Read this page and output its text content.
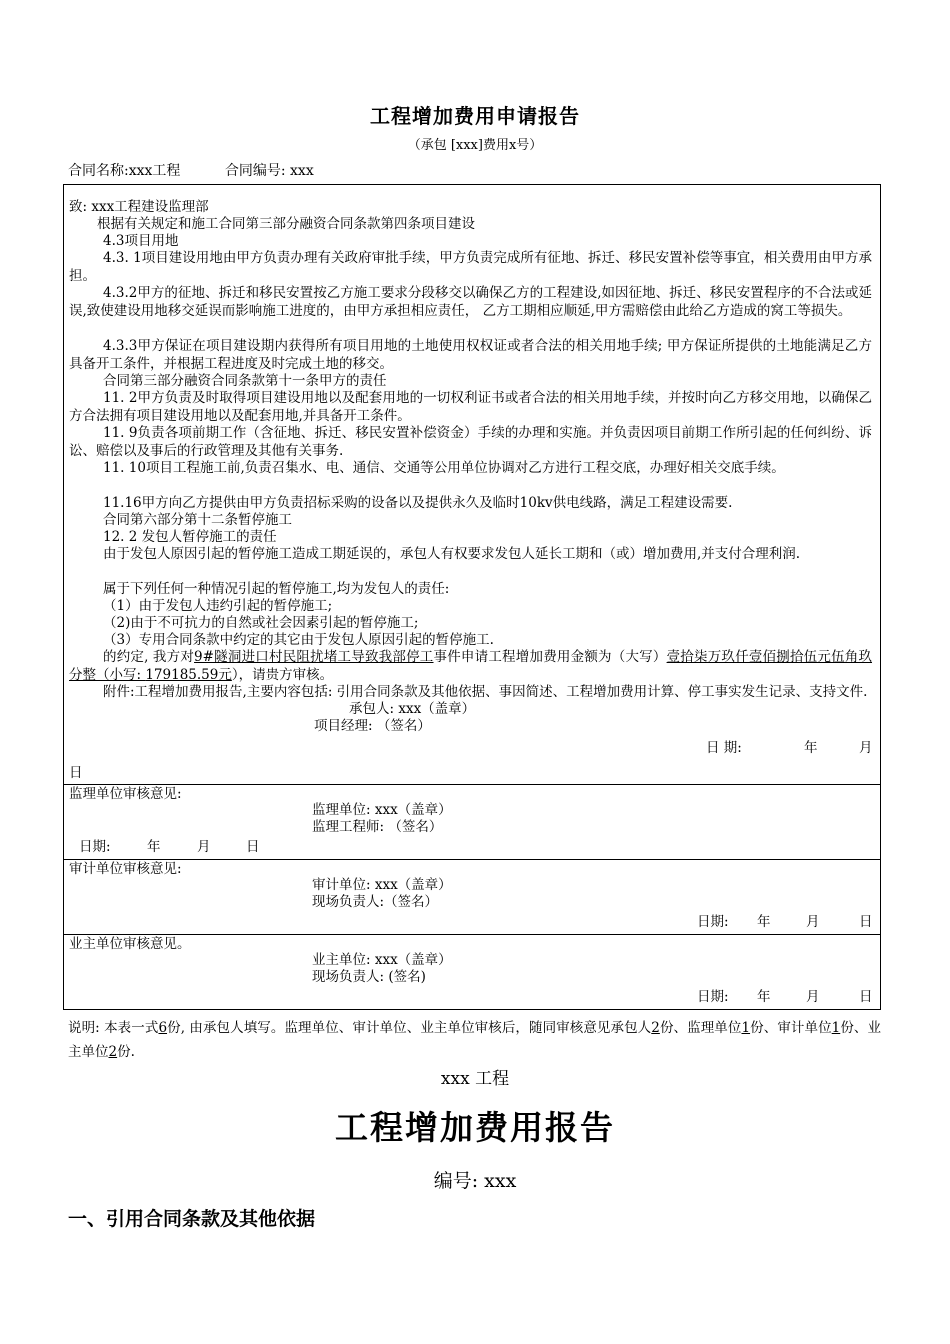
工程增加费用申请报告
（承包 [xxx]费用x号）
合同名称:xxx工程	合同编号: xxx
致: xxx工程建设监理部
根据有关规定和施工合同第三部分融资合同条款第四条项目建设
4.3项目用地
4.3. 1项目建设用地由甲方负责办理有关政府审批手续，甲方负责完成所有征地、拆迁、移民安置补偿等事宜，相关费用由甲方承担。
4.3.2甲方的征地、拆迁和移民安置按乙方施工要求分段移交以确保乙方的工程建设,如因征地、拆迁、移民安置程序的不合法或延误,致使建设用地移交延误而影响施工进度的，由甲方承担相应责任， 乙方工期相应顺延,甲方需赔偿由此给乙方造成的窝工等损失。
4.3.3甲方保证在项目建设期内获得所有项目用地的土地使用权权证或者合法的相关用地手续; 甲方保证所提供的土地能满足乙方具备开工条件，并根据工程进度及时完成土地的移交。
合同第三部分融资合同条款第十一条甲方的责任
11. 2甲方负责及时取得项目建设用地以及配套用地的一切权利证书或者合法的相关用地手续，并按时向乙方移交用地，以确保乙方合法拥有项目建设用地以及配套用地,并具备开工条件。
11. 9负责各项前期工作（含征地、拆迁、移民安置补偿资金）手续的办理和实施。并负责因项目前期工作所引起的任何纠纷、诉讼、赔偿以及事后的行政管理及其他有关事务.
11. 10项目工程施工前,负责召集水、电、通信、交通等公用单位协调对乙方进行工程交底，办理好相关交底手续。
11.16甲方向乙方提供由甲方负责招标采购的设备以及提供永久及临时10kv供电线路，满足工程建设需要.
合同第六部分第十二条暂停施工
12. 2 发包人暂停施工的责任
由于发包人原因引起的暂停施工造成工期延误的，承包人有权要求发包人延长工期和（或）增加费用,并支付合理利润.
属于下列任何一种情况引起的暂停施工,均为发包人的责任:
（1）由于发包人违约引起的暂停施工;
（2)由于不可抗力的自然或社会因素引起的暂停施工;
（3）专用合同条款中约定的其它由于发包人原因引起的暂停施工.
的约定, 我方对9#隧洞进口村民阻扰堵工导致我部停工事件申请工程增加费用金额为（大写）壹拾柒万玖仟壹佰捌拾伍元伍角玖分整（小写: 179185.59元），请贵方审核。
附件:工程增加费用报告,主要内容包括: 引用合同条款及其他依据、事因简述、工程增加费用计算、停工事实发生记录、支持文件.
承包人: xxx（盖章）
项目经理: （签名）
日 期:	年	月
日
监理单位审核意见:
监理单位: xxx（盖章）
监理工程师: （签名）
日期:	年	月	日
审计单位审核意见:
审计单位: xxx（盖章）
现场负责人:（签名）
日期: 年	月	日
业主单位审核意见。
业主单位: xxx（盖章）
现场负责人: (签名)
日期: 年	月	日
说明: 本表一式6份, 由承包人填写。监理单位、审计单位、业主单位审核后，随同审核意见承包人2份、监理单位1份、审计单位1份、业主单位2份.
xxx 工程
工程增加费用报告
编号: xxx
一、引用合同条款及其他依据
